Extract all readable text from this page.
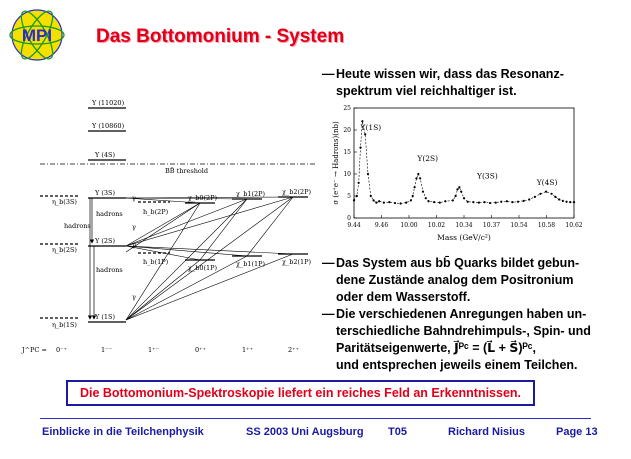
MPI Das Bottomonium - System
Υ (11020)
Υ (10860)
Υ (4S)
BB̄ threshold
Υ (3S)
Υ (2S)
Υ (1S)
η_b(3S)
η_b(2S)
η_b(1S)
h_b(2P)
h_b(1P)
χ_b0(2P)	χ_b1(2P)	χ_b2(2P)
χ_b0(1P)	χ_b1(1P)	χ_b2(1P)
hadrons
hadrons
hadrons
γ
γ
γ
γ
J^PC = 0⁻⁺	1⁻⁻	1⁺⁻	0⁺⁺	1⁺⁺	2⁺⁺
— Heute wissen wir, dass das Resonanz-
spektrum viel reichhaltiger ist.
0
5
10
15
20
25
9.44 9.46 10.00 10.02 10.34 10.37 10.54 10.58 10.62
Mass (GeV/c²)
σ (e⁺e⁻ → Hadrons)(nb)	Υ(1S)
Υ(2S)
Υ(3S)
Υ(4S)
— Das System aus bb̄ Quarks bildet gebun-
dene Zustände analog dem Positronium
oder dem Wasserstoff.
— Die verschiedenen Anregungen haben un-
terschiedliche Bahndrehimpuls-, Spin- und
Paritätseigenwerte, J⃗ᴾᶜ = (L⃗ + S⃗)ᴾᶜ,
und entsprechen jeweils einem Teilchen.
Die Bottomonium-Spektroskopie liefert ein reiches Feld an Erkenntnissen.
Einblicke in die Teilchenphysik	SS 2003 Uni Augsburg T05	Richard Nisius	Page 13
